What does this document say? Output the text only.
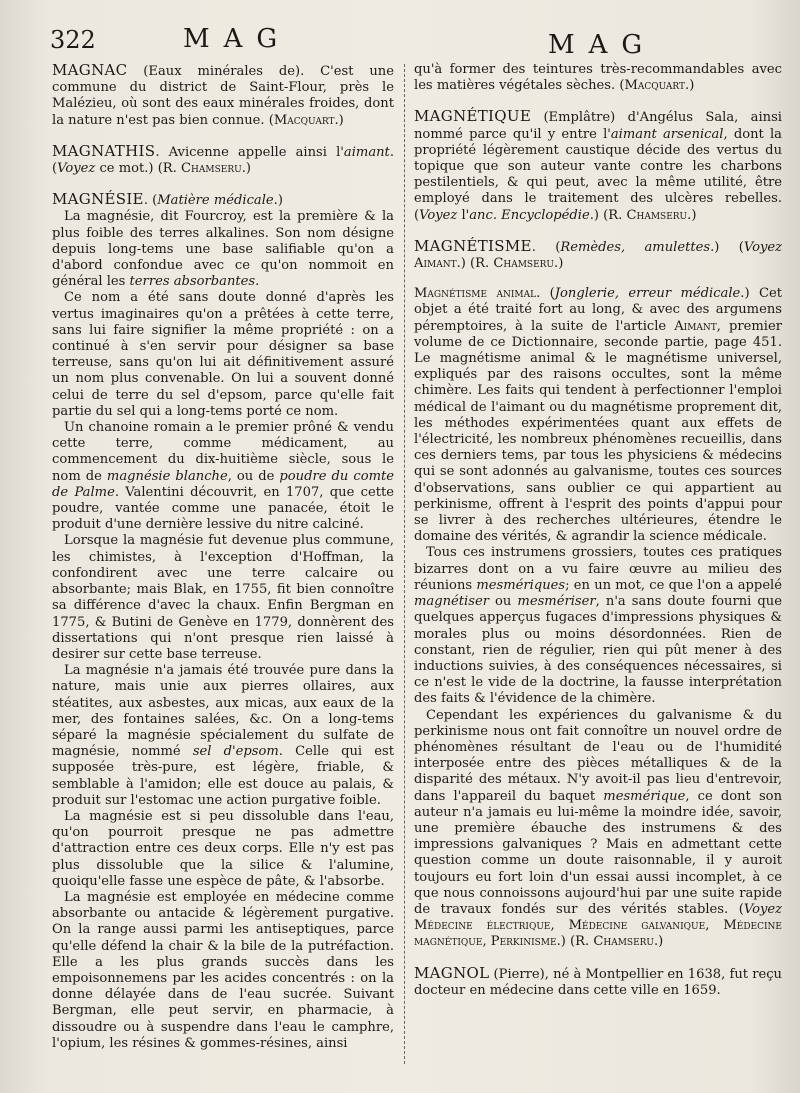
322	MAG	MAG

MAGNAC (Eaux minérales de). C'est une commune du district de Saint-Flour, près le Malézieu, où sont des eaux minérales froides, dont la nature n'est pas bien connue. (Macquart.)

MAGNATHIS. Avicenne appelle ainsi l'aimant. (Voyez ce mot.) (R. Chamseru.)

MAGNÉSIE. (Matière médicale.)

La magnésie, dit Fourcroy, est la première & la plus foible des terres alkalines. Son nom désigne depuis long-tems une base salifiable qu'on a d'abord confondue avec ce qu'on nommoit en général les terres absorbantes.

Ce nom a été sans doute donné d'après les vertus imaginaires qu'on a prêtées à cette terre, sans lui faire signifier la même propriété : on a continué à s'en servir pour désigner sa base terreuse, sans qu'on lui ait définitivement assuré un nom plus convenable. On lui a souvent donné celui de terre du sel d'epsom, parce qu'elle fait partie du sel qui a long-tems porté ce nom.

Un chanoine romain a le premier prôné & vendu cette terre, comme médicament, au commencement du dix-huitième siècle, sous le nom de magnésie blanche, ou de poudre du comte de Palme. Valentini découvrit, en 1707, que cette poudre, vantée comme une panacée, étoit le produit d'une dernière lessive du nitre calciné.

Lorsque la magnésie fut devenue plus commune, les chimistes, à l'exception d'Hoffman, la confondirent avec une terre calcaire ou absorbante; mais Blak, en 1755, fit bien connoître sa différence d'avec la chaux. Enfin Bergman en 1775, & Butini de Genève en 1779, donnèrent des dissertations qui n'ont presque rien laissé à desirer sur cette base terreuse.

La magnésie n'a jamais été trouvée pure dans la nature, mais unie aux pierres ollaires, aux stéatites, aux asbestes, aux micas, aux eaux de la mer, des fontaines salées, &c. On a long-tems séparé la magnésie spécialement du sulfate de magnésie, nommé sel d'epsom. Celle qui est supposée très-pure, est légère, friable, & semblable à l'amidon; elle est douce au palais, & produit sur l'estomac une action purgative foible.

La magnésie est si peu dissoluble dans l'eau, qu'on pourroit presque ne pas admettre d'attraction entre ces deux corps. Elle n'y est pas plus dissoluble que la silice & l'alumine, quoiqu'elle fasse une espèce de pâte, & l'absorbe.

La magnésie est employée en médecine comme absorbante ou antacide & légèrement purgative. On la range aussi parmi les antiseptiques, parce qu'elle défend la chair & la bile de la putréfaction. Elle a les plus grands succès dans les empoisonnemens par les acides concentrés : on la donne délayée dans de l'eau sucrée. Suivant Bergman, elle peut servir, en pharmacie, à dissoudre ou à suspendre dans l'eau le camphre, l'opium, les résines & gommes-résines, ainsi

qu'à former des teintures très-recommandables avec les matières végétales sèches. (Macquart.)

MAGNÉTIQUE (Emplâtre) d'Angélus Sala, ainsi nommé parce qu'il y entre l'aimant arsenical, dont la propriété légèrement caustique décide des vertus du topique que son auteur vante contre les charbons pestilentiels, & qui peut, avec la même utilité, être employé dans le traitement des ulcères rebelles. (Voyez l'anc. Encyclopédie.) (R. Chamseru.)

MAGNÉTISME. (Remèdes, amulettes.) (Voyez Aimant.) (R. Chamseru.)

Magnétisme animal. (Jonglerie, erreur médicale.) Cet objet a été traité fort au long, & avec des argumens péremptoires, à la suite de l'article Aimant, premier volume de ce Dictionnaire, seconde partie, page 451. Le magnétisme animal & le magnétisme universel, expliqués par des raisons occultes, sont la même chimère. Les faits qui tendent à perfectionner l'emploi médical de l'aimant ou du magnétisme proprement dit, les méthodes expérimentées quant aux effets de l'électricité, les nombreux phénomènes recueillis, dans ces derniers tems, par tous les physiciens & médecins qui se sont adonnés au galvanisme, toutes ces sources d'observations, sans oublier ce qui appartient au perkinisme, offrent à l'esprit des points d'appui pour se livrer à des recherches ultérieures, étendre le domaine des vérités, & agrandir la science médicale.

Tous ces instrumens grossiers, toutes ces pratiques bizarres dont on a vu faire œuvre au milieu des réunions mesmériques; en un mot, ce que l'on a appelé magnétiser ou mesmériser, n'a sans doute fourni que quelques apperçus fugaces d'impressions physiques & morales plus ou moins désordonnées. Rien de constant, rien de régulier, rien qui pût mener à des inductions suivies, à des conséquences nécessaires, si ce n'est le vide de la doctrine, la fausse interprétation des faits & l'évidence de la chimère.

Cependant les expériences du galvanisme & du perkinisme nous ont fait connoître un nouvel ordre de phénomènes résultant de l'eau ou de l'humidité interposée entre des pièces métalliques & de la disparité des métaux. N'y avoit-il pas lieu d'entrevoir, dans l'appareil du baquet mesmérique, ce dont son auteur n'a jamais eu lui-même la moindre idée, savoir, une première ébauche des instrumens & des impressions galvaniques ? Mais en admettant cette question comme un doute raisonnable, il y auroit toujours eu fort loin d'un essai aussi incomplet, à ce que nous connoissons aujourd'hui par une suite rapide de travaux fondés sur des vérités stables. (Voyez Médecine électrique, Médecine galvanique, Médecine magnétique, Perkinisme.) (R. Chamseru.)

MAGNOL (Pierre), né à Montpellier en 1638, fut reçu docteur en médecine dans cette ville en 1659.
